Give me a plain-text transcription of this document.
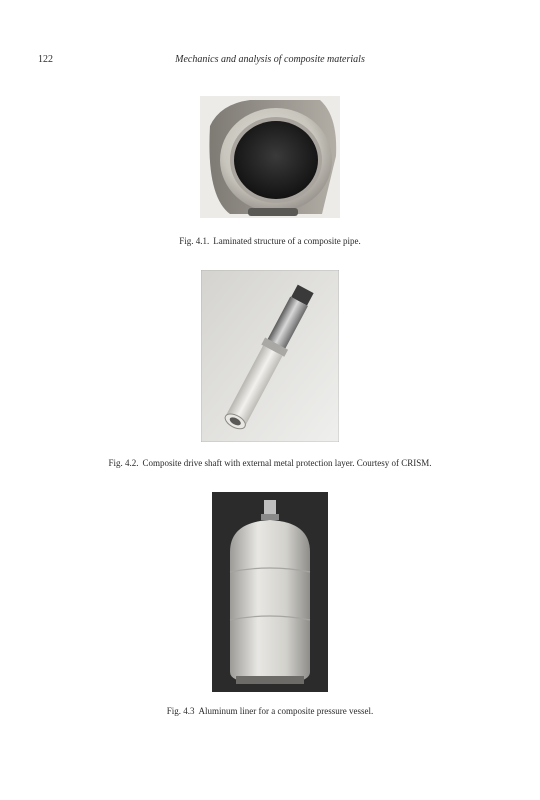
122	Mechanics and analysis of composite materials
Fig. 4.1. Laminated structure of a composite pipe.
Fig. 4.2. Composite drive shaft with external metal protection layer. Courtesy of CRISM.
Fig. 4.3 Aluminum liner for a composite pressure vessel.
